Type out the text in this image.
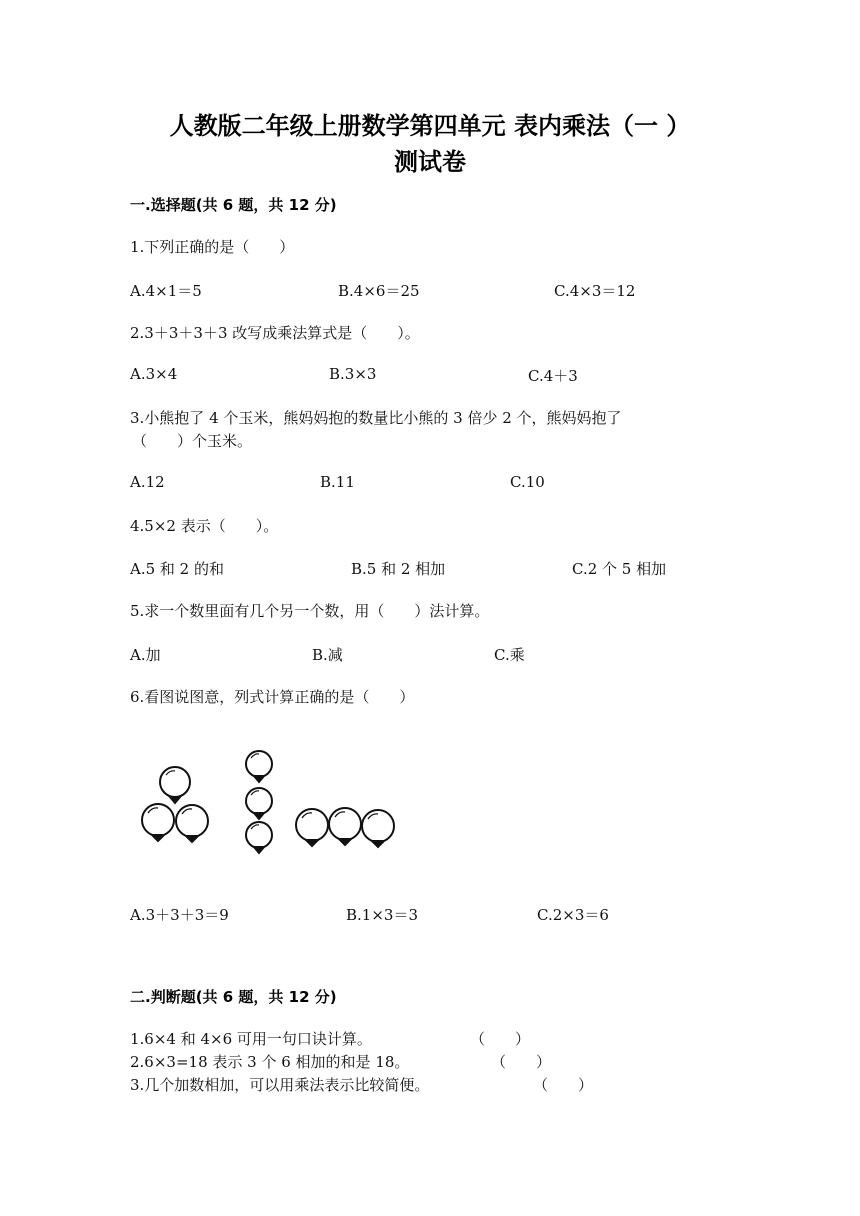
人教版二年级上册数学第四单元 表内乘法（一 ）
测试卷
一.选择题(共 6 题，共 12 分)
1.下列正确的是（　　）
A.4×1＝5	B.4×6＝25	C.4×3＝12
2.3＋3＋3＋3 改写成乘法算式是（　　）。
A.3×4	B.3×3	C.4＋3
3.小熊抱了 4 个玉米，熊妈妈抱的数量比小熊的 3 倍少 2 个，熊妈妈抱了
（　　）个玉米。
A.12	B.11	C.10
4.5×2 表示（　　）。
A.5 和 2 的和	B.5 和 2 相加	C.2 个 5 相加
5.求一个数里面有几个另一个数，用（　　）法计算。
A.加	B.减	C.乘
6.看图说图意，列式计算正确的是（　　）
A.3＋3＋3＝9	B.1×3＝3	C.2×3＝6
二.判断题(共 6 题，共 12 分)
1.6×4 和 4×6 可用一句口诀计算。	（　　）
2.6×3=18 表示 3 个 6 相加的和是 18。	（　　）
3.几个加数相加，可以用乘法表示比较简便。	（　　）
